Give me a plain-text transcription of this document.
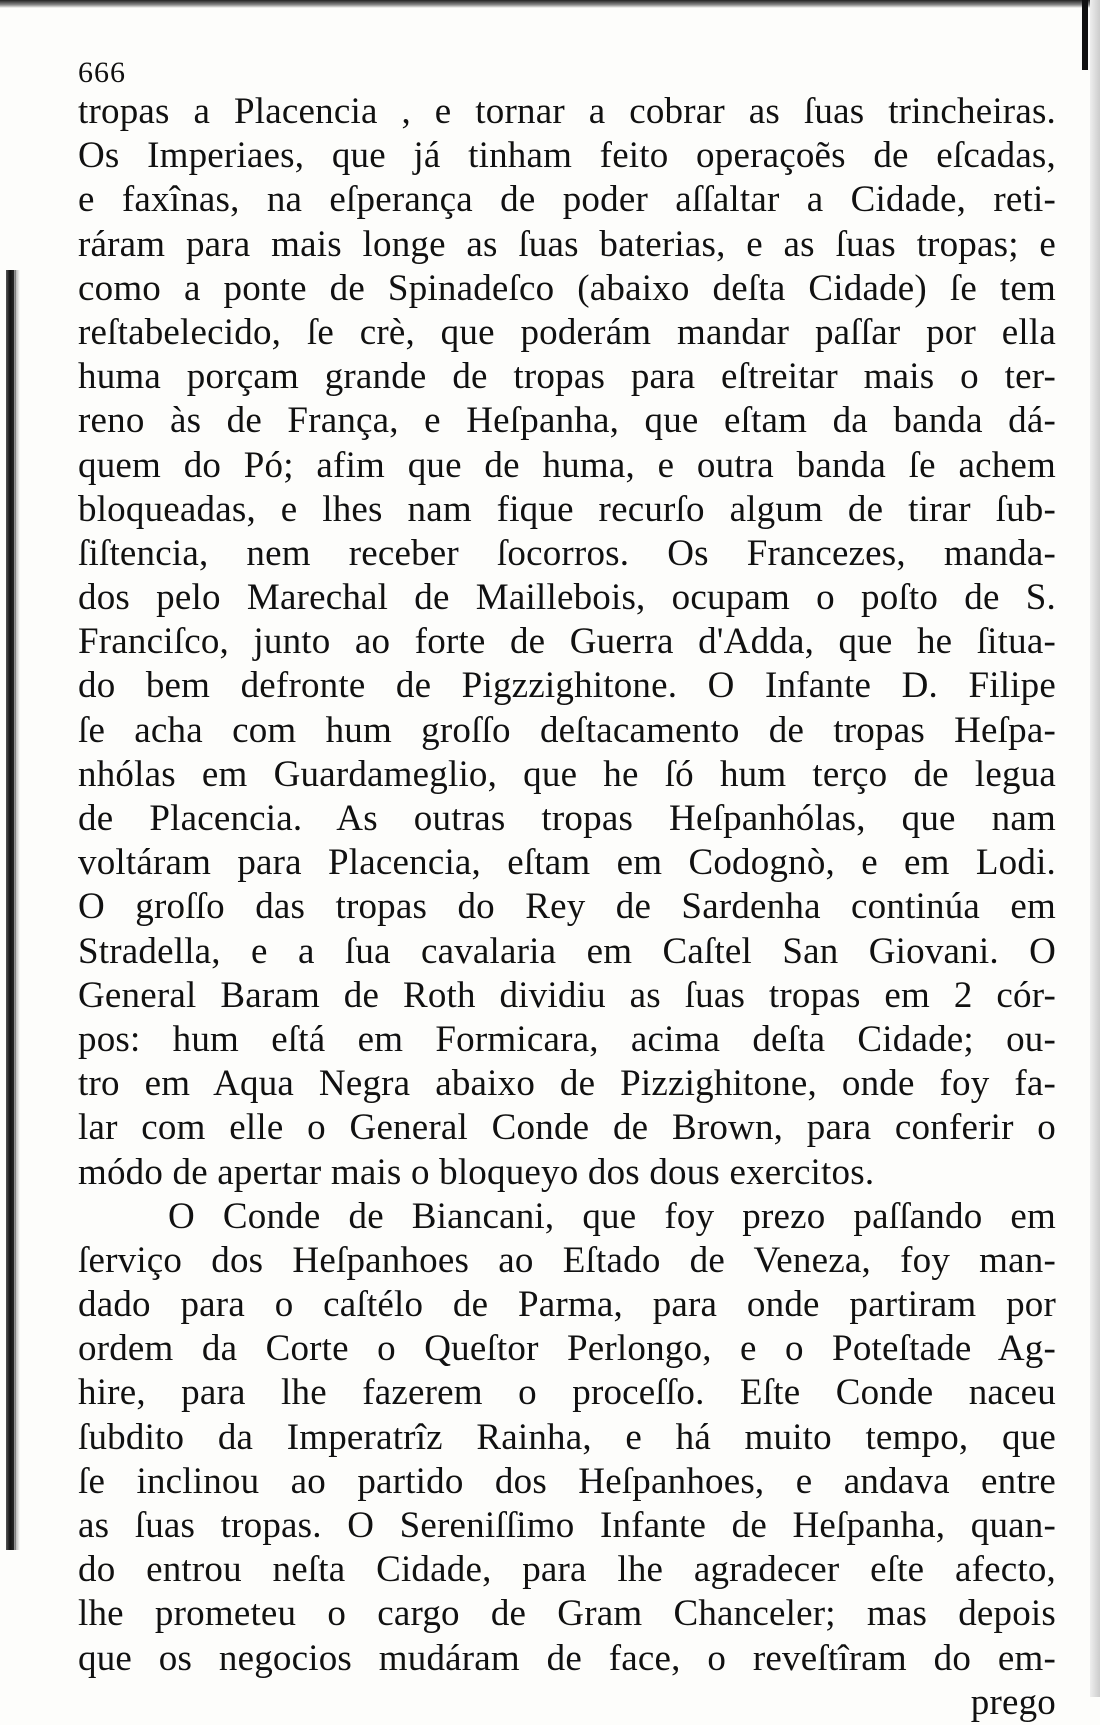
666
tropas a Placencia , e tornar a cobrar as ſuas trincheiras.
Os Imperiaes, que já tinham feito operaçoẽs de eſcadas,
e faxînas, na eſperança de poder aſſaltar a Cidade, reti-
ráram para mais longe as ſuas baterias, e as ſuas tropas; e
como a ponte de Spinadeſco (abaixo deſta Cidade) ſe tem
reſtabelecido, ſe crè, que poderám mandar paſſar por ella
huma porçam grande de tropas para eſtreitar mais o ter-
reno às de França, e Heſpanha, que eſtam da banda dá-
quem do Pó; afim que de huma, e outra banda ſe achem
bloqueadas, e lhes nam fique recurſo algum de tirar ſub-
ſiſtencia, nem receber ſocorros. Os Francezes, manda-
dos pelo Marechal de Maillebois, ocupam o poſto de S.
Franciſco, junto ao forte de Guerra d'Adda, que he ſitua-
do bem defronte de Pigzzighitone. O Infante D. Filipe
ſe acha com hum groſſo deſtacamento de tropas Heſpa-
nhólas em Guardameglio, que he ſó hum terço de legua
de Placencia. As outras tropas Heſpanhólas, que nam
voltáram para Placencia, eſtam em Codognò, e em Lodi.
O groſſo das tropas do Rey de Sardenha continúa em
Stradella, e a ſua cavalaria em Caſtel San Giovani. O
General Baram de Roth dividiu as ſuas tropas em 2 cór-
pos: hum eſtá em Formicara, acima deſta Cidade; ou-
tro em Aqua Negra abaixo de Pizzighitone, onde foy fa-
lar com elle o General Conde de Brown, para conferir o
módo de apertar mais o bloqueyo dos dous exercitos.
O Conde de Biancani, que foy prezo paſſando em
ſerviço dos Heſpanhoes ao Eſtado de Veneza, foy man-
dado para o caſtélo de Parma, para onde partiram por
ordem da Corte o Queſtor Perlongo, e o Poteſtade Ag-
hire, para lhe fazerem o proceſſo. Eſte Conde naceu
ſubdito da Imperatrîz Rainha, e há muito tempo, que
ſe inclinou ao partido dos Heſpanhoes, e andava entre
as ſuas tropas. O Sereniſſimo Infante de Heſpanha, quan-
do entrou neſta Cidade, para lhe agradecer eſte afecto,
lhe prometeu o cargo de Gram Chanceler; mas depois
que os negocios mudáram de face, o reveſtîram do em-
prego
